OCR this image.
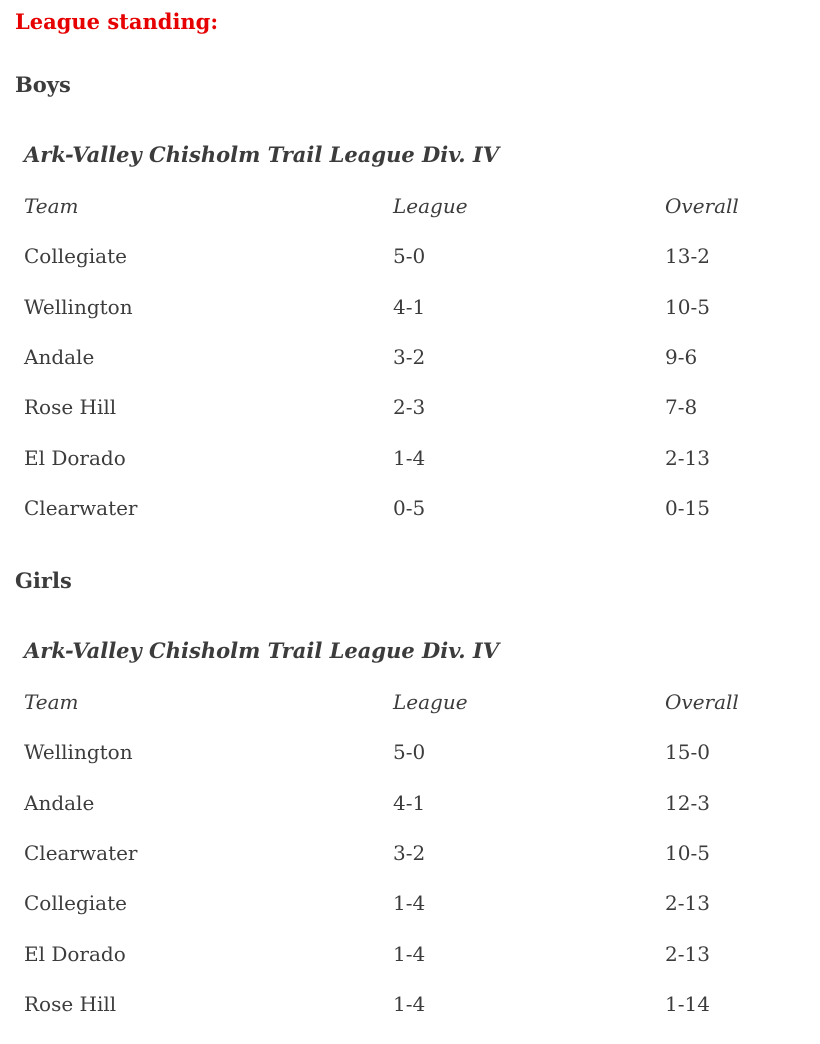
League standing:
Boys
Ark-Valley Chisholm Trail League Div. IV
Team	League	Overall
Collegiate	5-0	13-2
Wellington	4-1	10-5
Andale	3-2	9-6
Rose Hill	2-3	7-8
El Dorado	1-4	2-13
Clearwater	0-5	0-15
Girls
Ark-Valley Chisholm Trail League Div. IV
Team	League	Overall
Wellington	5-0	15-0
Andale	4-1	12-3
Clearwater	3-2	10-5
Collegiate	1-4	2-13
El Dorado	1-4	2-13
Rose Hill	1-4	1-14
